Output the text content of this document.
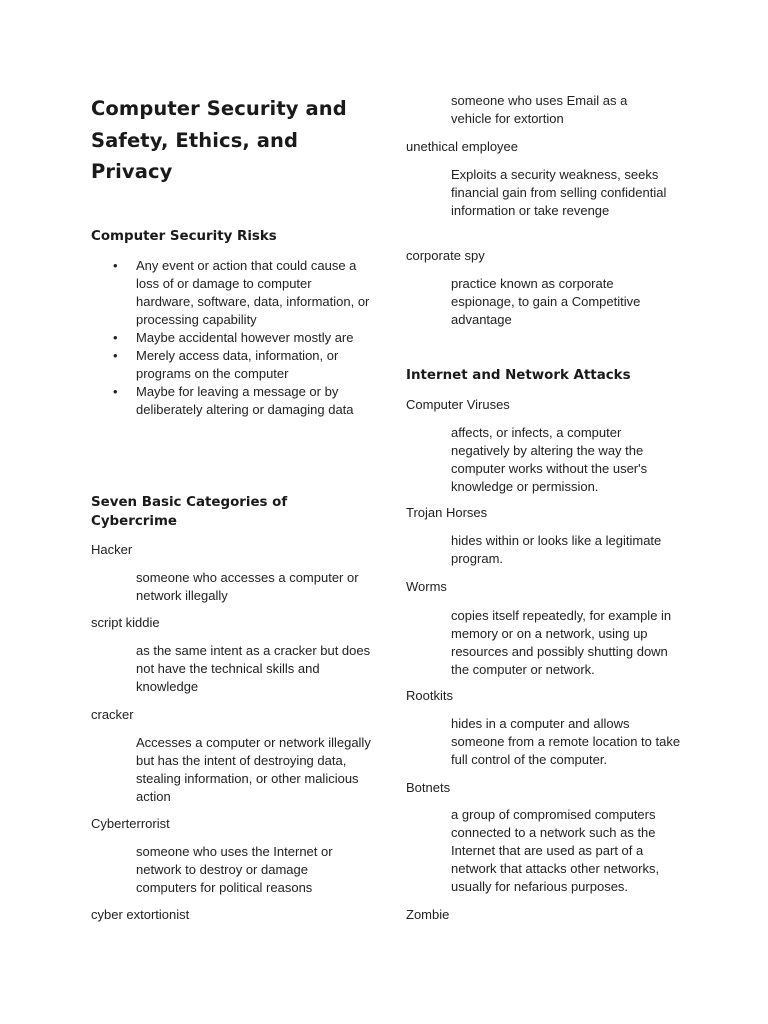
Computer Security and Safety, Ethics, and Privacy
Computer Security Risks
• Any event or action that could cause a loss of or damage to computer hardware, software, data, information, or processing capability
• Maybe accidental however mostly are
• Merely access data, information, or programs on the computer
• Maybe for leaving a message or by deliberately altering or damaging data
Seven Basic Categories of Cybercrime

Hacker

someone who accesses a computer or network illegally

script kiddie

as the same intent as a cracker but does not have the technical skills and knowledge

cracker

Accesses a computer or network illegally but has the intent of destroying data, stealing information, or other malicious action

Cyberterrorist

someone who uses the Internet or network to destroy or damage computers for political reasons

cyber extortionist

someone who uses Email as a vehicle for extortion

unethical employee

Exploits a security weakness, seeks financial gain from selling confidential information or take revenge

corporate spy

practice known as corporate espionage, to gain a Competitive advantage

Internet and Network Attacks

Computer Viruses

affects, or infects, a computer negatively by altering the way the computer works without the user's knowledge or permission.

Trojan Horses

hides within or looks like a legitimate program.

Worms

copies itself repeatedly, for example in memory or on a network, using up resources and possibly shutting down the computer or network.

Rootkits

hides in a computer and allows someone from a remote location to take full control of the computer.

Botnets

a group of compromised computers connected to a network such as the Internet that are used as part of a network that attacks other networks, usually for nefarious purposes.

Zombie
